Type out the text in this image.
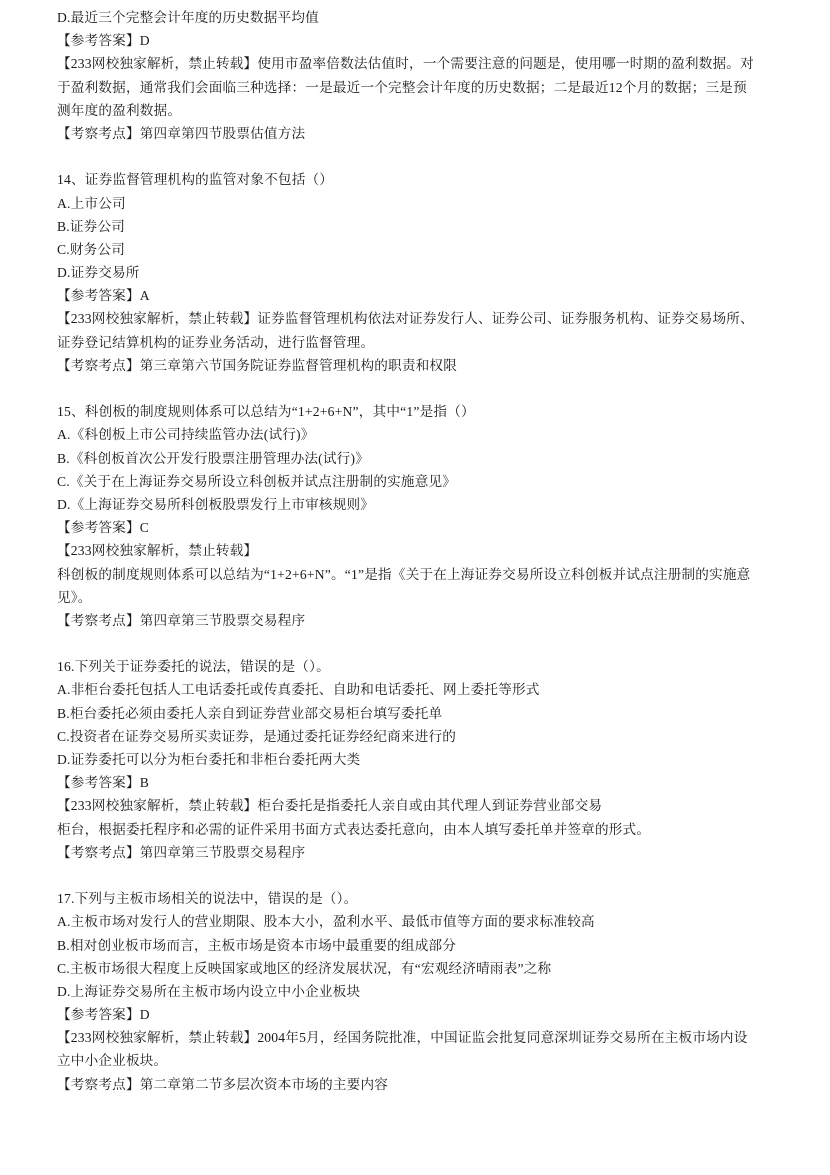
D.最近三个完整会计年度的历史数据平均值
【参考答案】D
【233网校独家解析，禁止转载】使用市盈率倍数法估值时，一个需要注意的问题是，使用哪一时期的盈利数据。对
于盈利数据，通常我们会面临三种选择：一是最近一个完整会计年度的历史数据；二是最近12个月的数据；三是预
测年度的盈利数据。
【考察考点】第四章第四节股票估值方法
14、证券监督管理机构的监管对象不包括（）
A.上市公司
B.证券公司
C.财务公司
D.证券交易所
【参考答案】A
【233网校独家解析，禁止转载】证券监督管理机构依法对证券发行人、证券公司、证券服务机构、证券交易场所、
证券登记结算机构的证券业务活动，进行监督管理。
【考察考点】第三章第六节国务院证券监督管理机构的职责和权限
15、科创板的制度规则体系可以总结为“1+2+6+N”，其中“1”是指（）
A.《科创板上市公司持续监管办法(试行)》
B.《科创板首次公开发行股票注册管理办法(试行)》
C.《关于在上海证券交易所设立科创板并试点注册制的实施意见》
D.《上海证券交易所科创板股票发行上市审核规则》
【参考答案】C
【233网校独家解析，禁止转载】
科创板的制度规则体系可以总结为“1+2+6+N”。“1”是指《关于在上海证券交易所设立科创板并试点注册制的实施意
见》。
【考察考点】第四章第三节股票交易程序
16.下列关于证券委托的说法，错误的是（）。
A.非柜台委托包括人工电话委托或传真委托、自助和电话委托、网上委托等形式
B.柜台委托必须由委托人亲自到证券营业部交易柜台填写委托单
C.投资者在证券交易所买卖证券，是通过委托证券经纪商来进行的
D.证券委托可以分为柜台委托和非柜台委托两大类
【参考答案】B
【233网校独家解析，禁止转载】柜台委托是指委托人亲自或由其代理人到证券营业部交易
柜台，根据委托程序和必需的证件采用书面方式表达委托意向，由本人填写委托单并签章的形式。
【考察考点】第四章第三节股票交易程序
17.下列与主板市场相关的说法中，错误的是（）。
A.主板市场对发行人的营业期限、股本大小，盈利水平、最低市值等方面的要求标准较高
B.相对创业板市场而言，主板市场是资本市场中最重要的组成部分
C.主板市场很大程度上反映国家或地区的经济发展状况，有“宏观经济晴雨表”之称
D.上海证券交易所在主板市场内设立中小企业板块
【参考答案】D
【233网校独家解析，禁止转载】2004年5月，经国务院批准，中国证监会批复同意深圳证券交易所在主板市场内设
立中小企业板块。
【考察考点】第二章第二节多层次资本市场的主要内容
